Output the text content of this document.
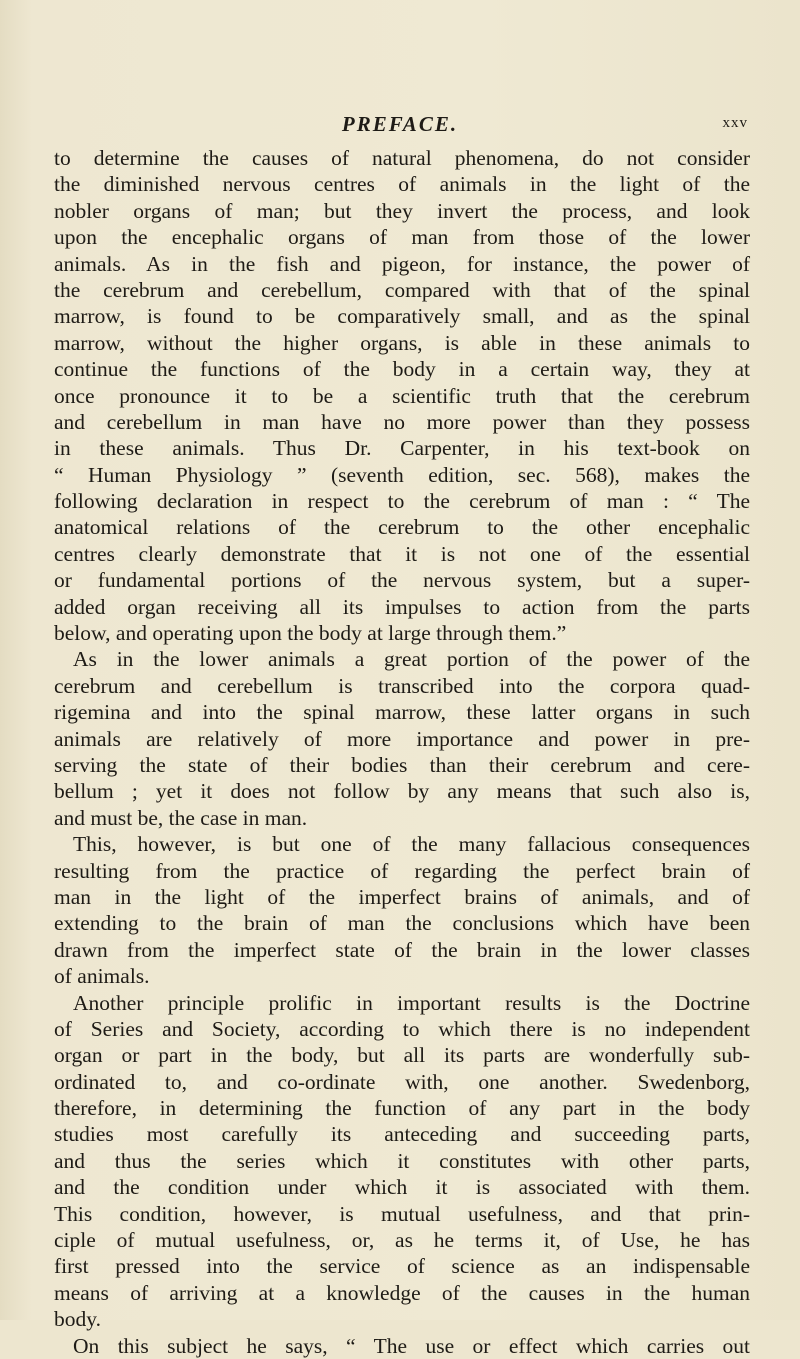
PREFACE.	xxv
to determine the causes of natural phenomena, do not consider
the diminished nervous centres of animals in the light of the
nobler organs of man; but they invert the process, and look
upon the encephalic organs of man from those of the lower
animals. As in the fish and pigeon, for instance, the power of
the cerebrum and cerebellum, compared with that of the spinal
marrow, is found to be comparatively small, and as the spinal
marrow, without the higher organs, is able in these animals to
continue the functions of the body in a certain way, they at
once pronounce it to be a scientific truth that the cerebrum
and cerebellum in man have no more power than they possess
in these animals. Thus Dr. Carpenter, in his text-book on
“ Human Physiology ” (seventh edition, sec. 568), makes the
following declaration in respect to the cerebrum of man : “ The
anatomical relations of the cerebrum to the other encephalic
centres clearly demonstrate that it is not one of the essential
or fundamental portions of the nervous system, but a super-
added organ receiving all its impulses to action from the parts
below, and operating upon the body at large through them.”
As in the lower animals a great portion of the power of the
cerebrum and cerebellum is transcribed into the corpora quad-
rigemina and into the spinal marrow, these latter organs in such
animals are relatively of more importance and power in pre-
serving the state of their bodies than their cerebrum and cere-
bellum ; yet it does not follow by any means that such also is,
and must be, the case in man.
This, however, is but one of the many fallacious consequences
resulting from the practice of regarding the perfect brain of
man in the light of the imperfect brains of animals, and of
extending to the brain of man the conclusions which have been
drawn from the imperfect state of the brain in the lower classes
of animals.
Another principle prolific in important results is the Doctrine
of Series and Society, according to which there is no independent
organ or part in the body, but all its parts are wonderfully sub-
ordinated to, and co-ordinate with, one another. Swedenborg,
therefore, in determining the function of any part in the body
studies most carefully its anteceding and succeeding parts,
and thus the series which it constitutes with other parts,
and the condition under which it is associated with them.
This condition, however, is mutual usefulness, and that prin-
ciple of mutual usefulness, or, as he terms it, of Use, he has
first pressed into the service of science as an indispensable
means of arriving at a knowledge of the causes in the human
body.
On this subject he says, “ The use or effect which carries out
